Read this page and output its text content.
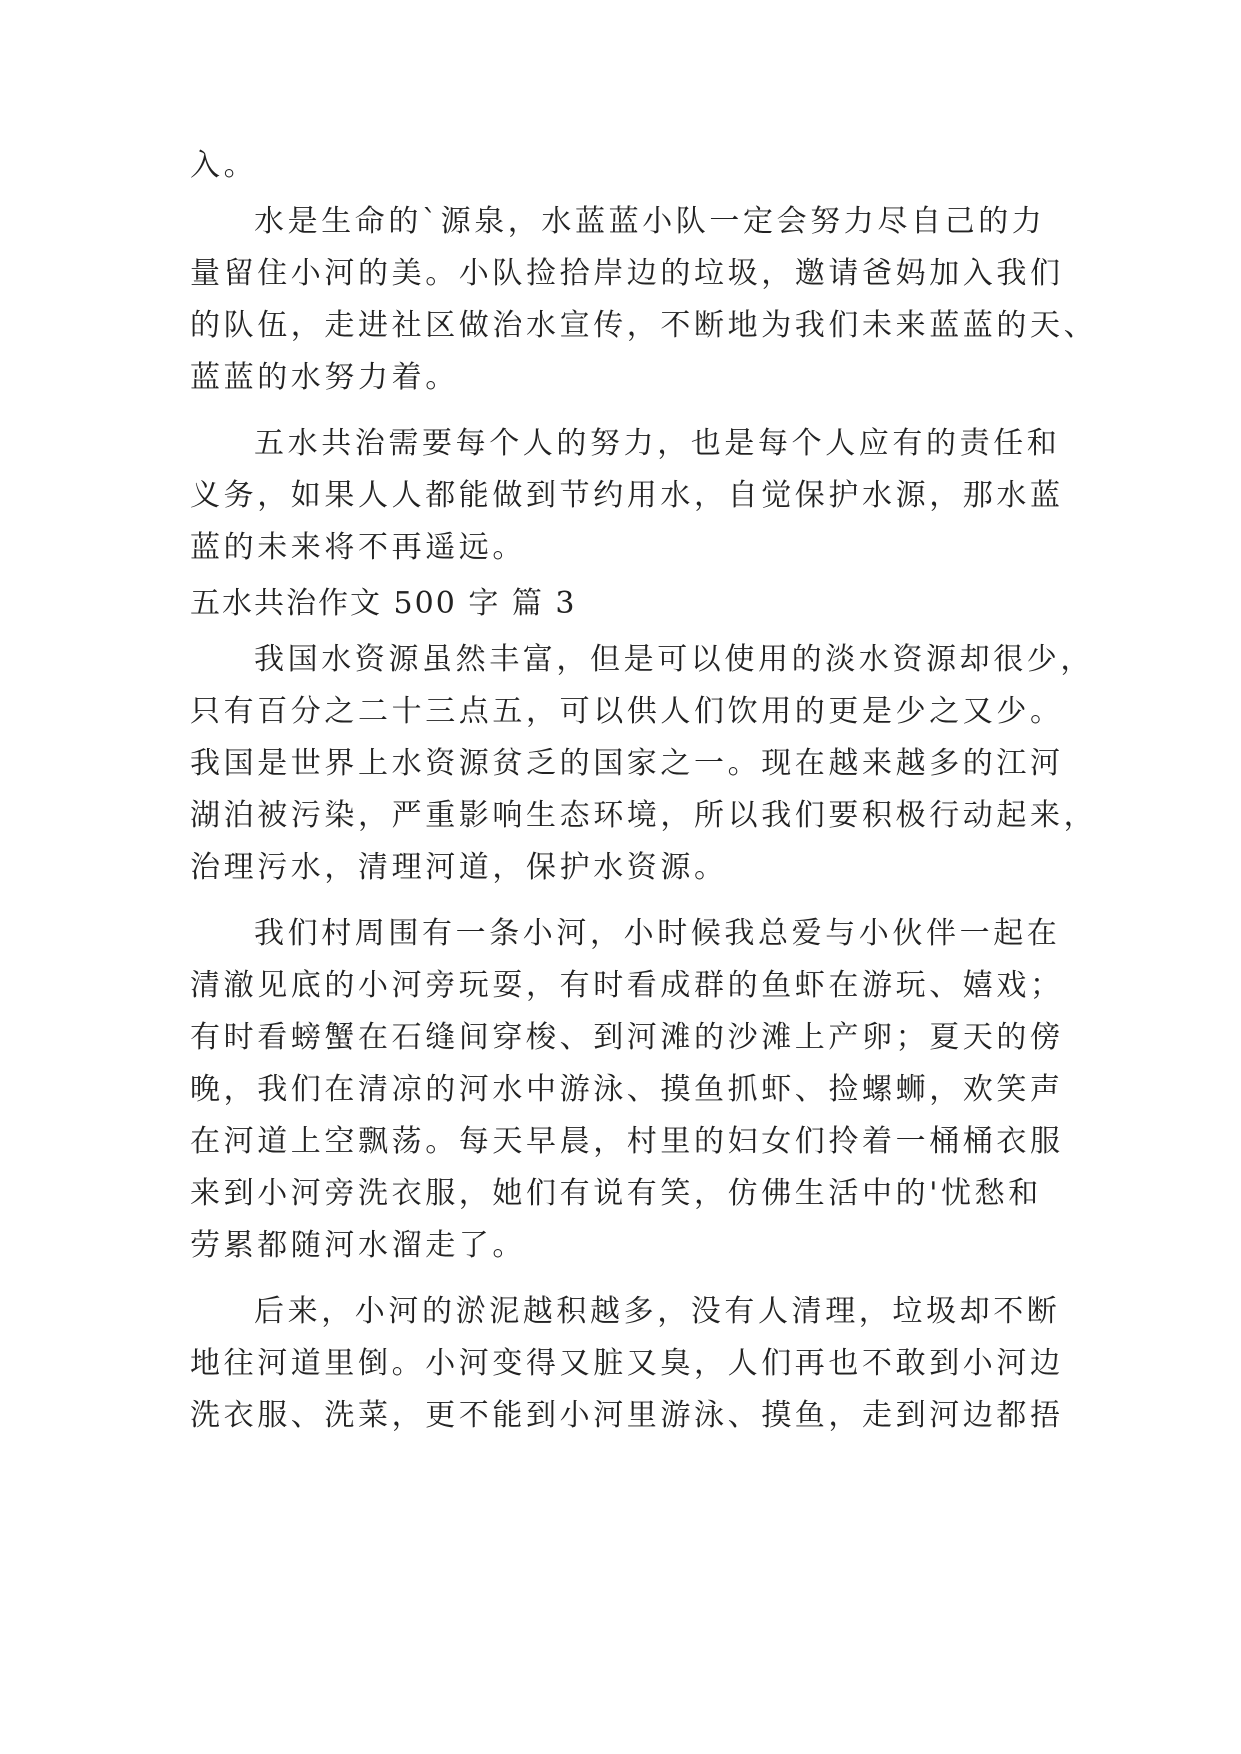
入。
水是生命的`源泉，水蓝蓝小队一定会努力尽自己的力
量留住小河的美。小队捡拾岸边的垃圾，邀请爸妈加入我们
的队伍，走进社区做治水宣传，不断地为我们未来蓝蓝的天、
蓝蓝的水努力着。
五水共治需要每个人的努力，也是每个人应有的责任和
义务，如果人人都能做到节约用水，自觉保护水源，那水蓝
蓝的未来将不再遥远。
五水共治作文 500 字 篇 3
我国水资源虽然丰富，但是可以使用的淡水资源却很少，
只有百分之二十三点五，可以供人们饮用的更是少之又少。
我国是世界上水资源贫乏的国家之一。现在越来越多的江河
湖泊被污染，严重影响生态环境，所以我们要积极行动起来，
治理污水，清理河道，保护水资源。
我们村周围有一条小河，小时候我总爱与小伙伴一起在
清澈见底的小河旁玩耍，有时看成群的鱼虾在游玩、嬉戏；
有时看螃蟹在石缝间穿梭、到河滩的沙滩上产卵；夏天的傍
晚，我们在清凉的河水中游泳、摸鱼抓虾、捡螺蛳，欢笑声
在河道上空飘荡。每天早晨，村里的妇女们拎着一桶桶衣服
来到小河旁洗衣服，她们有说有笑，仿佛生活中的'忧愁和
劳累都随河水溜走了。
后来，小河的淤泥越积越多，没有人清理，垃圾却不断
地往河道里倒。小河变得又脏又臭，人们再也不敢到小河边
洗衣服、洗菜，更不能到小河里游泳、摸鱼，走到河边都捂
